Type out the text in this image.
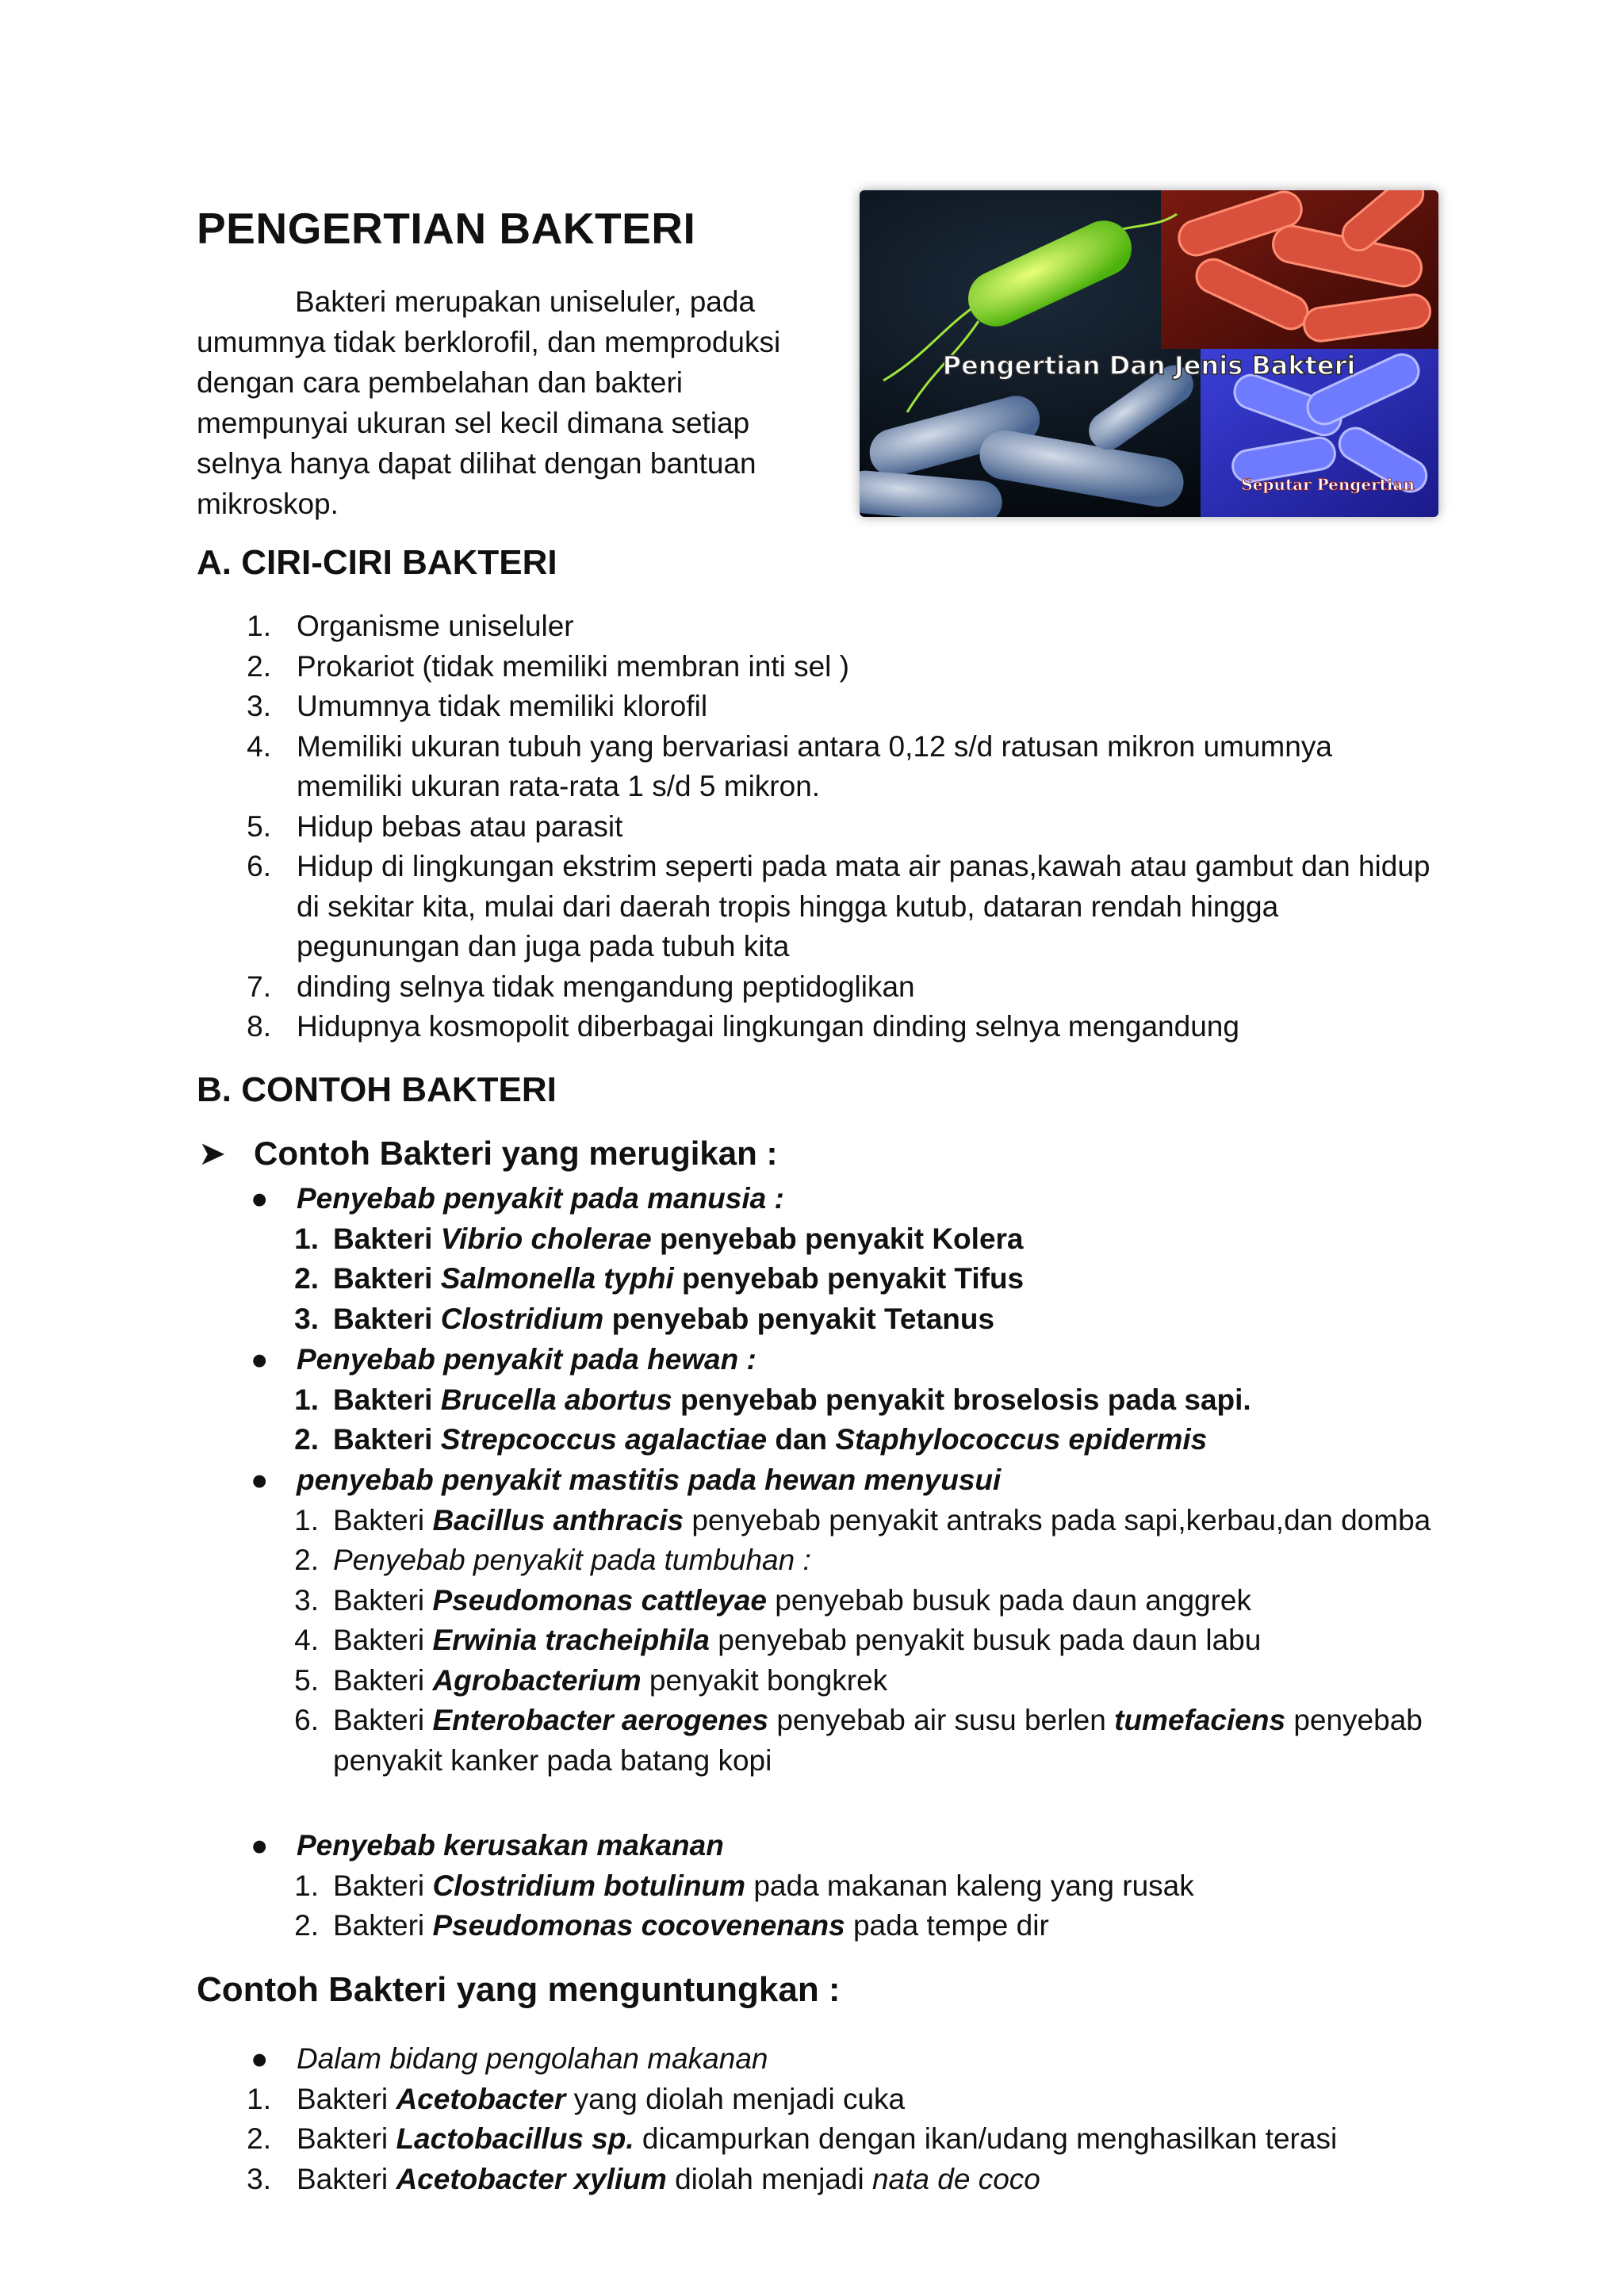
PENGERTIAN BAKTERI

Bakteri merupakan uniseluler, pada umumnya tidak berklorofil, dan memproduksi dengan cara pembelahan dan bakteri mempunyai ukuran sel kecil dimana setiap selnya hanya dapat dilihat dengan bantuan mikroskop.

Pengertian Dan Jenis Bakteri
Seputar Pengertian
A. CIRI-CIRI BAKTERI
1. Organisme uniseluler
2. Prokariot (tidak memiliki membran inti sel )
3. Umumnya tidak memiliki klorofil
4. Memiliki ukuran tubuh yang bervariasi antara 0,12 s/d ratusan mikron umumnya memiliki ukuran rata-rata 1 s/d 5 mikron.
5. Hidup bebas atau parasit
6. Hidup di lingkungan ekstrim seperti pada mata air panas,kawah atau gambut dan hidup di sekitar kita, mulai dari daerah tropis hingga kutub, dataran rendah hingga pegunungan dan juga pada tubuh kita
7. dinding selnya tidak mengandung peptidoglikan
8. Hidupnya kosmopolit diberbagai lingkungan dinding selnya mengandung
B. CONTOH BAKTERI
➤ Contoh Bakteri yang merugikan :
● Penyebab penyakit pada manusia :
1. Bakteri Vibrio cholerae penyebab penyakit Kolera
2. Bakteri Salmonella typhi penyebab penyakit Tifus
3. Bakteri Clostridium penyebab penyakit Tetanus
● Penyebab penyakit pada hewan :
1. Bakteri Brucella abortus penyebab penyakit broselosis pada sapi.
2. Bakteri Strepcoccus agalactiae dan Staphylococcus epidermis
● penyebab penyakit mastitis pada hewan menyusui
1. Bakteri Bacillus anthracis penyebab penyakit antraks pada sapi,kerbau,dan domba
2. Penyebab penyakit pada tumbuhan :
3. Bakteri Pseudomonas cattleyae penyebab busuk pada daun anggrek
4. Bakteri Erwinia tracheiphila penyebab penyakit busuk pada daun labu
5. Bakteri Agrobacterium penyakit bongkrek
6. Bakteri Enterobacter aerogenes penyebab air susu berlen tumefaciens penyebab penyakit kanker pada batang kopi
● Penyebab kerusakan makanan
1. Bakteri Clostridium botulinum pada makanan kaleng yang rusak
2. Bakteri Pseudomonas cocovenenans pada tempe dir
Contoh Bakteri yang menguntungkan :
● Dalam bidang pengolahan makanan
1. Bakteri Acetobacter yang diolah menjadi cuka
2. Bakteri Lactobacillus sp. dicampurkan dengan ikan/udang menghasilkan terasi
3. Bakteri Acetobacter xylium diolah menjadi nata de coco
